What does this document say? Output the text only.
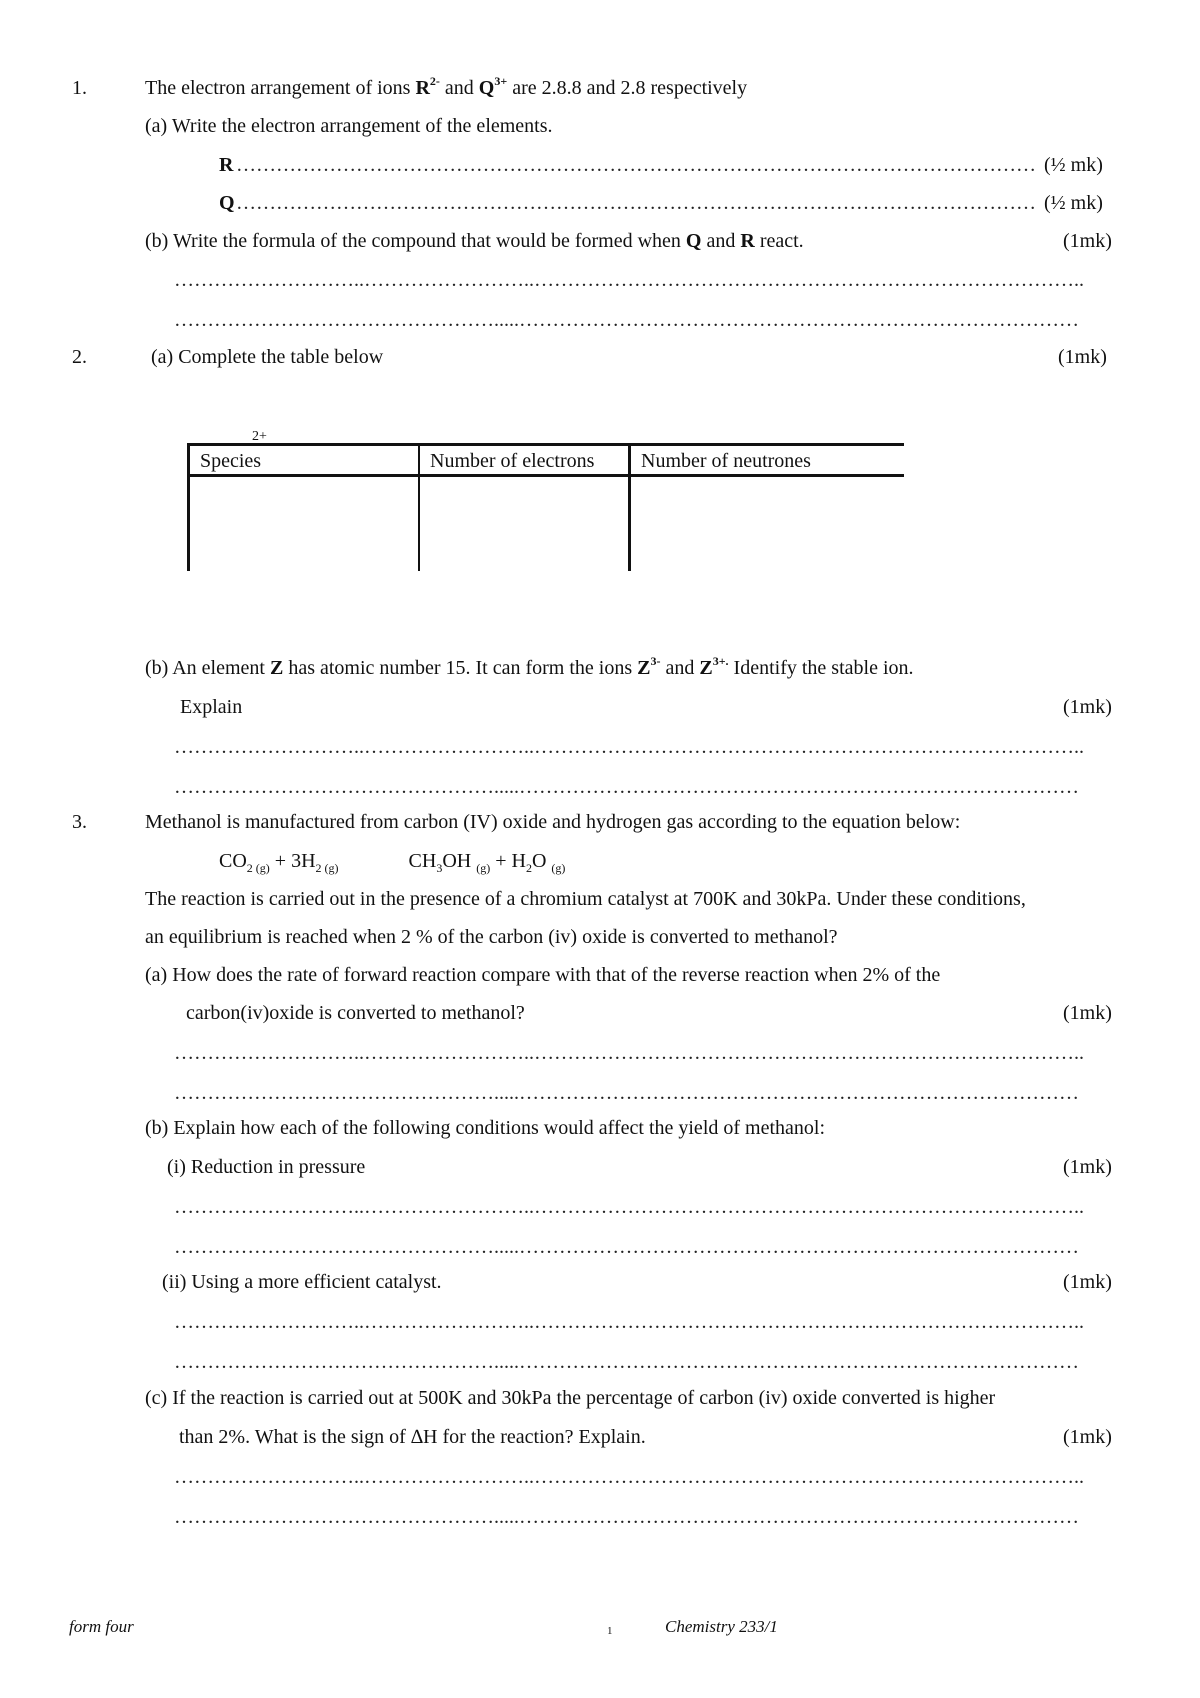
1.	The electron arrangement of ions $R^{2-}$ and $Q^{3+}$ are 2.8.8 and 2.8 respectively
(a) Write the electron arrangement of the elements.
R ………………………………………………………………………………………………………… (½ mk)
Q ………………………………………………………………………………………………………… (½ mk)
(b) Write the formula of the compound that would be formed when Q and R react.	(1mk)
………………………..……………………..………………………………………………………………………..
………………………………………….....…………………………………………………………………………
2.	(a) Complete the table below	(1mk)
2+
Species	Number of electrons	Number of neutrones

(b) An element Z has atomic number 15. It can form the ions $Z^{3-}$ and $Z^{3+.}$ Identify the stable ion.
Explain	(1mk)
………………………..……………………..………………………………………………………………………..
………………………………………….....…………………………………………………………………………
3.	Methanol is manufactured from carbon (IV) oxide and hydrogen gas according to the equation below:
$CO_{2 (g)} + 3H_{2 (g)}$	$CH_3OH$ $_{(g)} + H_2O$ $_{(g)}$
The reaction is carried out in the presence of a chromium catalyst at 700K and 30kPa. Under these conditions,
an equilibrium is reached when 2 % of the carbon (iv) oxide is converted to methanol?
(a) How does the rate of forward reaction compare with that of the reverse reaction when 2% of the
carbon(iv)oxide is converted to methanol?	(1mk)
………………………..……………………..………………………………………………………………………..
………………………………………….....…………………………………………………………………………
(b) Explain how each of the following conditions would affect the yield of methanol:
(i) Reduction in pressure	(1mk)
………………………..……………………..………………………………………………………………………..
………………………………………….....…………………………………………………………………………
(ii) Using a more efficient catalyst.	(1mk)
………………………..……………………..………………………………………………………………………..
………………………………………….....…………………………………………………………………………
(c) If the reaction is carried out at 500K and 30kPa the percentage of carbon (iv) oxide converted is higher
than 2%. What is the sign of ∆H for the reaction? Explain.	(1mk)
………………………..……………………..………………………………………………………………………..
………………………………………….....…………………………………………………………………………
form four	1	Chemistry 233/1
